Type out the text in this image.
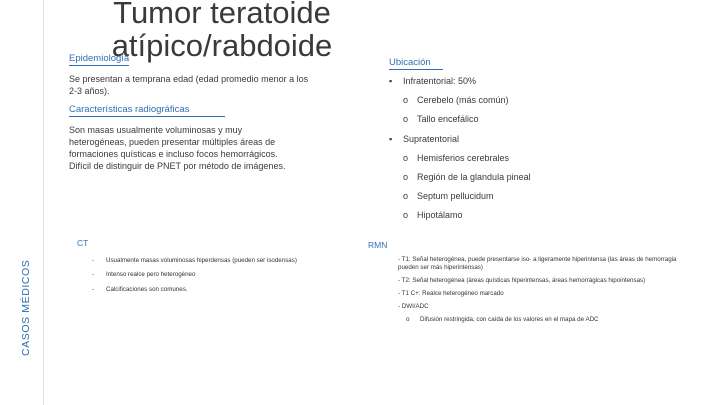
CASOS MÉDICOS
Tumor teratoide atípico/rabdoide
Epidemiología
Se presentan a temprana edad (edad promedio menor a los 2-3 años).
Características radiográficas
Son masas usualmente voluminosas y muy heterogéneas, pueden presentar múltiples áreas de formaciones quísticas e incluso focos hemorrágicos. Difícil de distinguir de PNET por método de imágenes.
Ubicación
▪ Infratentorial: 50%
o Cerebelo (más común)
o Tallo encefálico
▪ Supratentorial
o Hemisferios cerebrales
o Región de la glandula pineal
o Septum pellucidum
o Hipotálamo
CT
-	Usualmente masas voluminosas hiperdensas (pueden ser isodensas)
-	Intenso realce pero heterogéneo
-	Calcificaciones son comunes.
RMN
- T1: Señal heterogénea, puede presentarse iso- a ligeramente hiperintensa (las áreas de hemorragia pueden ser más hiperintensas)
- T2: Señal heterogénea (áreas quísticas hiperintensas, áreas hemorrágicas hipointensas)
- T1 C+: Realce heterogéneo marcado
- DWI/ADC
o	Difusión restringida, con caída de los valores en el mapa de ADC
